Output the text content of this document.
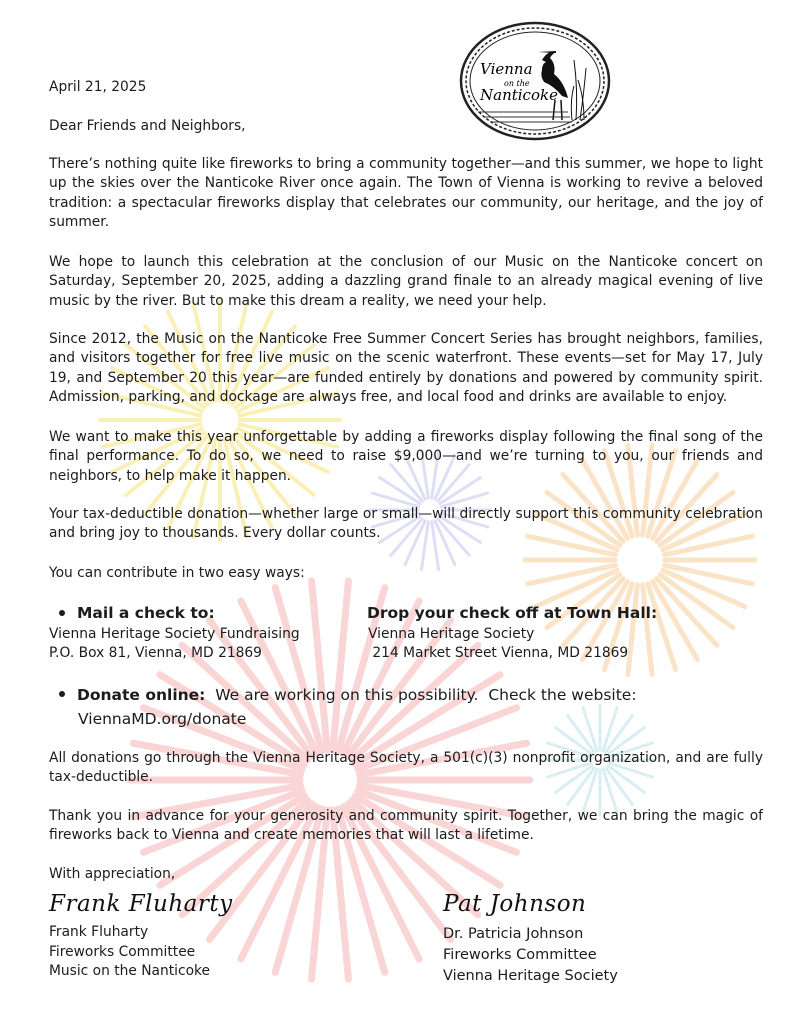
Vienna
on the
Nanticoke
April 21, 2025
Dear Friends and Neighbors,
There’s nothing quite like fireworks to bring a community together—and this summer, we hope to light up the skies over the Nanticoke River once again. The Town of Vienna is working to revive a beloved tradition: a spectacular fireworks display that celebrates our community, our heritage, and the joy of summer.
We hope to launch this celebration at the conclusion of our Music on the Nanticoke concert on Saturday, September 20, 2025, adding a dazzling grand finale to an already magical evening of live music by the river. But to make this dream a reality, we need your help.
Since 2012, the Music on the Nanticoke Free Summer Concert Series has brought neighbors, families, and visitors together for free live music on the scenic waterfront. These events—set for May 17, July 19, and September 20 this year—are funded entirely by donations and powered by community spirit. Admission, parking, and dockage are always free, and local food and drinks are available to enjoy.
We want to make this year unforgettable by adding a fireworks display following the final song of the final performance. To do so, we need to raise $9,000—and we’re turning to you, our friends and neighbors, to help make it happen.
Your tax-deductible donation—whether large or small—will directly support this community celebration and bring joy to thousands. Every dollar counts.
You can contribute in two easy ways:
Mail a check to:
Vienna Heritage Society Fundraising
P.O. Box 81, Vienna, MD 21869
Drop your check off at Town Hall:
Vienna Heritage Society
214 Market Street Vienna, MD 21869
Donate online:  We are working on this possibility.  Check the website:
ViennaMD.org/donate
All donations go through the Vienna Heritage Society, a 501(c)(3) nonprofit organization, and are fully tax-deductible.
Thank you in advance for your generosity and community spirit. Together, we can bring the magic of fireworks back to Vienna and create memories that will last a lifetime.
With appreciation,
Frank Fluharty
Frank Fluharty
Fireworks Committee
Music on the Nanticoke
Pat Johnson
Dr. Patricia Johnson
Fireworks Committee
Vienna Heritage Society
